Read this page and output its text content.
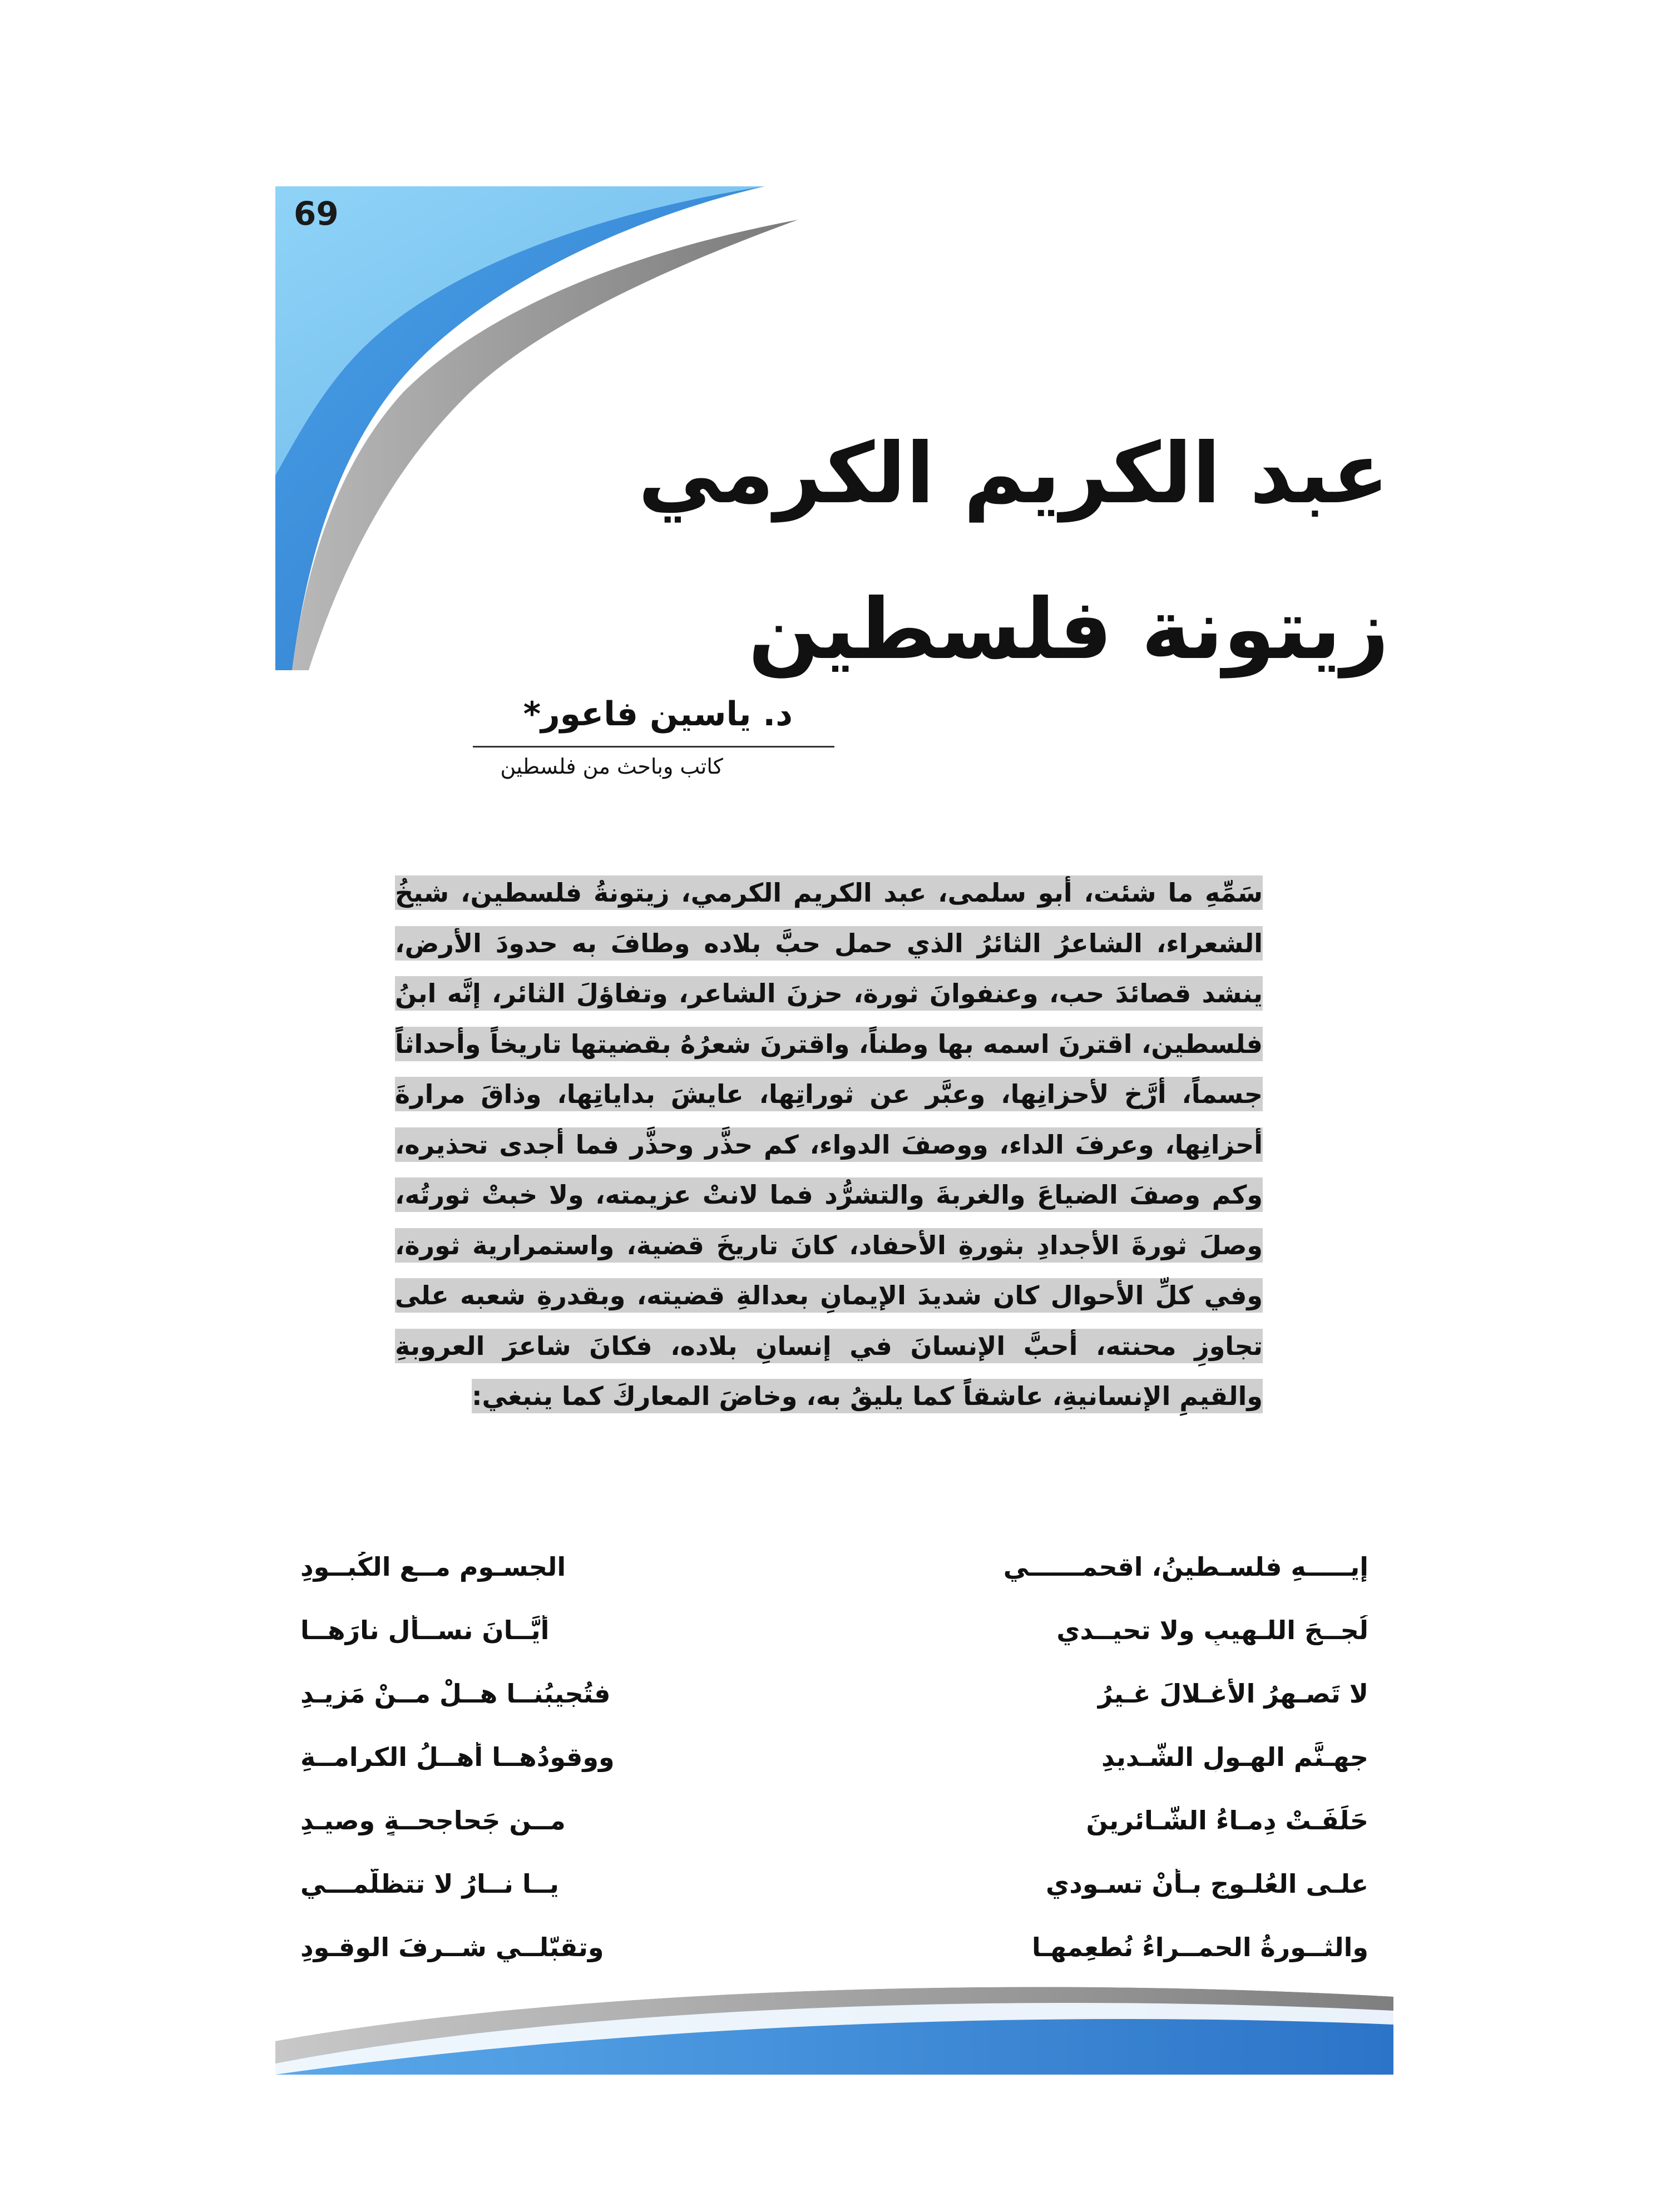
69
عبد الكريم الكرمي
زيتونة فلسطين
د. ياسين فاعور*
كاتب وباحث من فلسطين

سَمِّهِ ما شئت، أبو سلمى، عبد الكريم الكرمي، زيتونةُ فلسطين، شيخُ الشعراء، الشاعرُ الثائرُ الذي حمل حبَّ بلاده وطافَ به حدودَ الأرض، ينشد قصائدَ حب، وعنفوانَ ثورة، حزنَ الشاعر، وتفاؤلَ الثائر، إنَّه ابنُ فلسطين، اقترنَ اسمه بها وطناً، واقترنَ شعرُهُ بقضيتها تاريخاً وأحداثاً جسماً، أرَّخ لأحزانِها، وعبَّر عن ثوراتِها، عايشَ بداياتِها، وذاقَ مرارةَ أحزانِها، وعرفَ الداء، ووصفَ الدواء، كم حذَّر وحذَّر فما أجدى تحذيره، وكم وصفَ الضياعَ والغربةَ والتشرُّد فما لانتْ عزيمته، ولا خبتْ ثورتُه، وصلَ ثورةَ الأجدادِ بثورةِ الأحفاد، كانَ تاريخَ قضية، واستمرارية ثورة، وفي كلِّ الأحوال كان شديدَ الإيمانِ بعدالةِ قضيته، وبقدرةِ شعبه على تجاوزِ محنته، أحبَّ الإنسانَ في إنسانِ بلاده، فكانَ شاعرَ العروبةِ والقيمِ الإنسانيةِ، عاشقاً كما يليقُ به، وخاضَ المعاركَ كما ينبغي:

إيـــــهِ فلسـطينُ، اقحمــــــي
الجسـوم مــع الكُبــودِ
لُجــجَ اللـهيبِ ولا تحيــدي
أيَّــانَ نســأل نارَهــا
لا تَصـهرُ الأغـلالَ غـيرُ
فتُجيبُنــا هــلْ مــنْ مَزيـدِ
جهـنَّمِ الهـولِ الشَّـديدِ
ووقودُهــا أهــلُ الكرامــةِ
حَلَفَـتْ دِمـاءُ الشَّـائرينَ
مــن جَحاجحــةٍ وصيـدِ
علـى العُلـوجِ بـأنْ تسـودي
يــا نــارُ لا تتظلّمـــي
والثــورةُ الحمــراءُ نُطعِمهـا
وتقبّلــي شــرفَ الوقـودِ
